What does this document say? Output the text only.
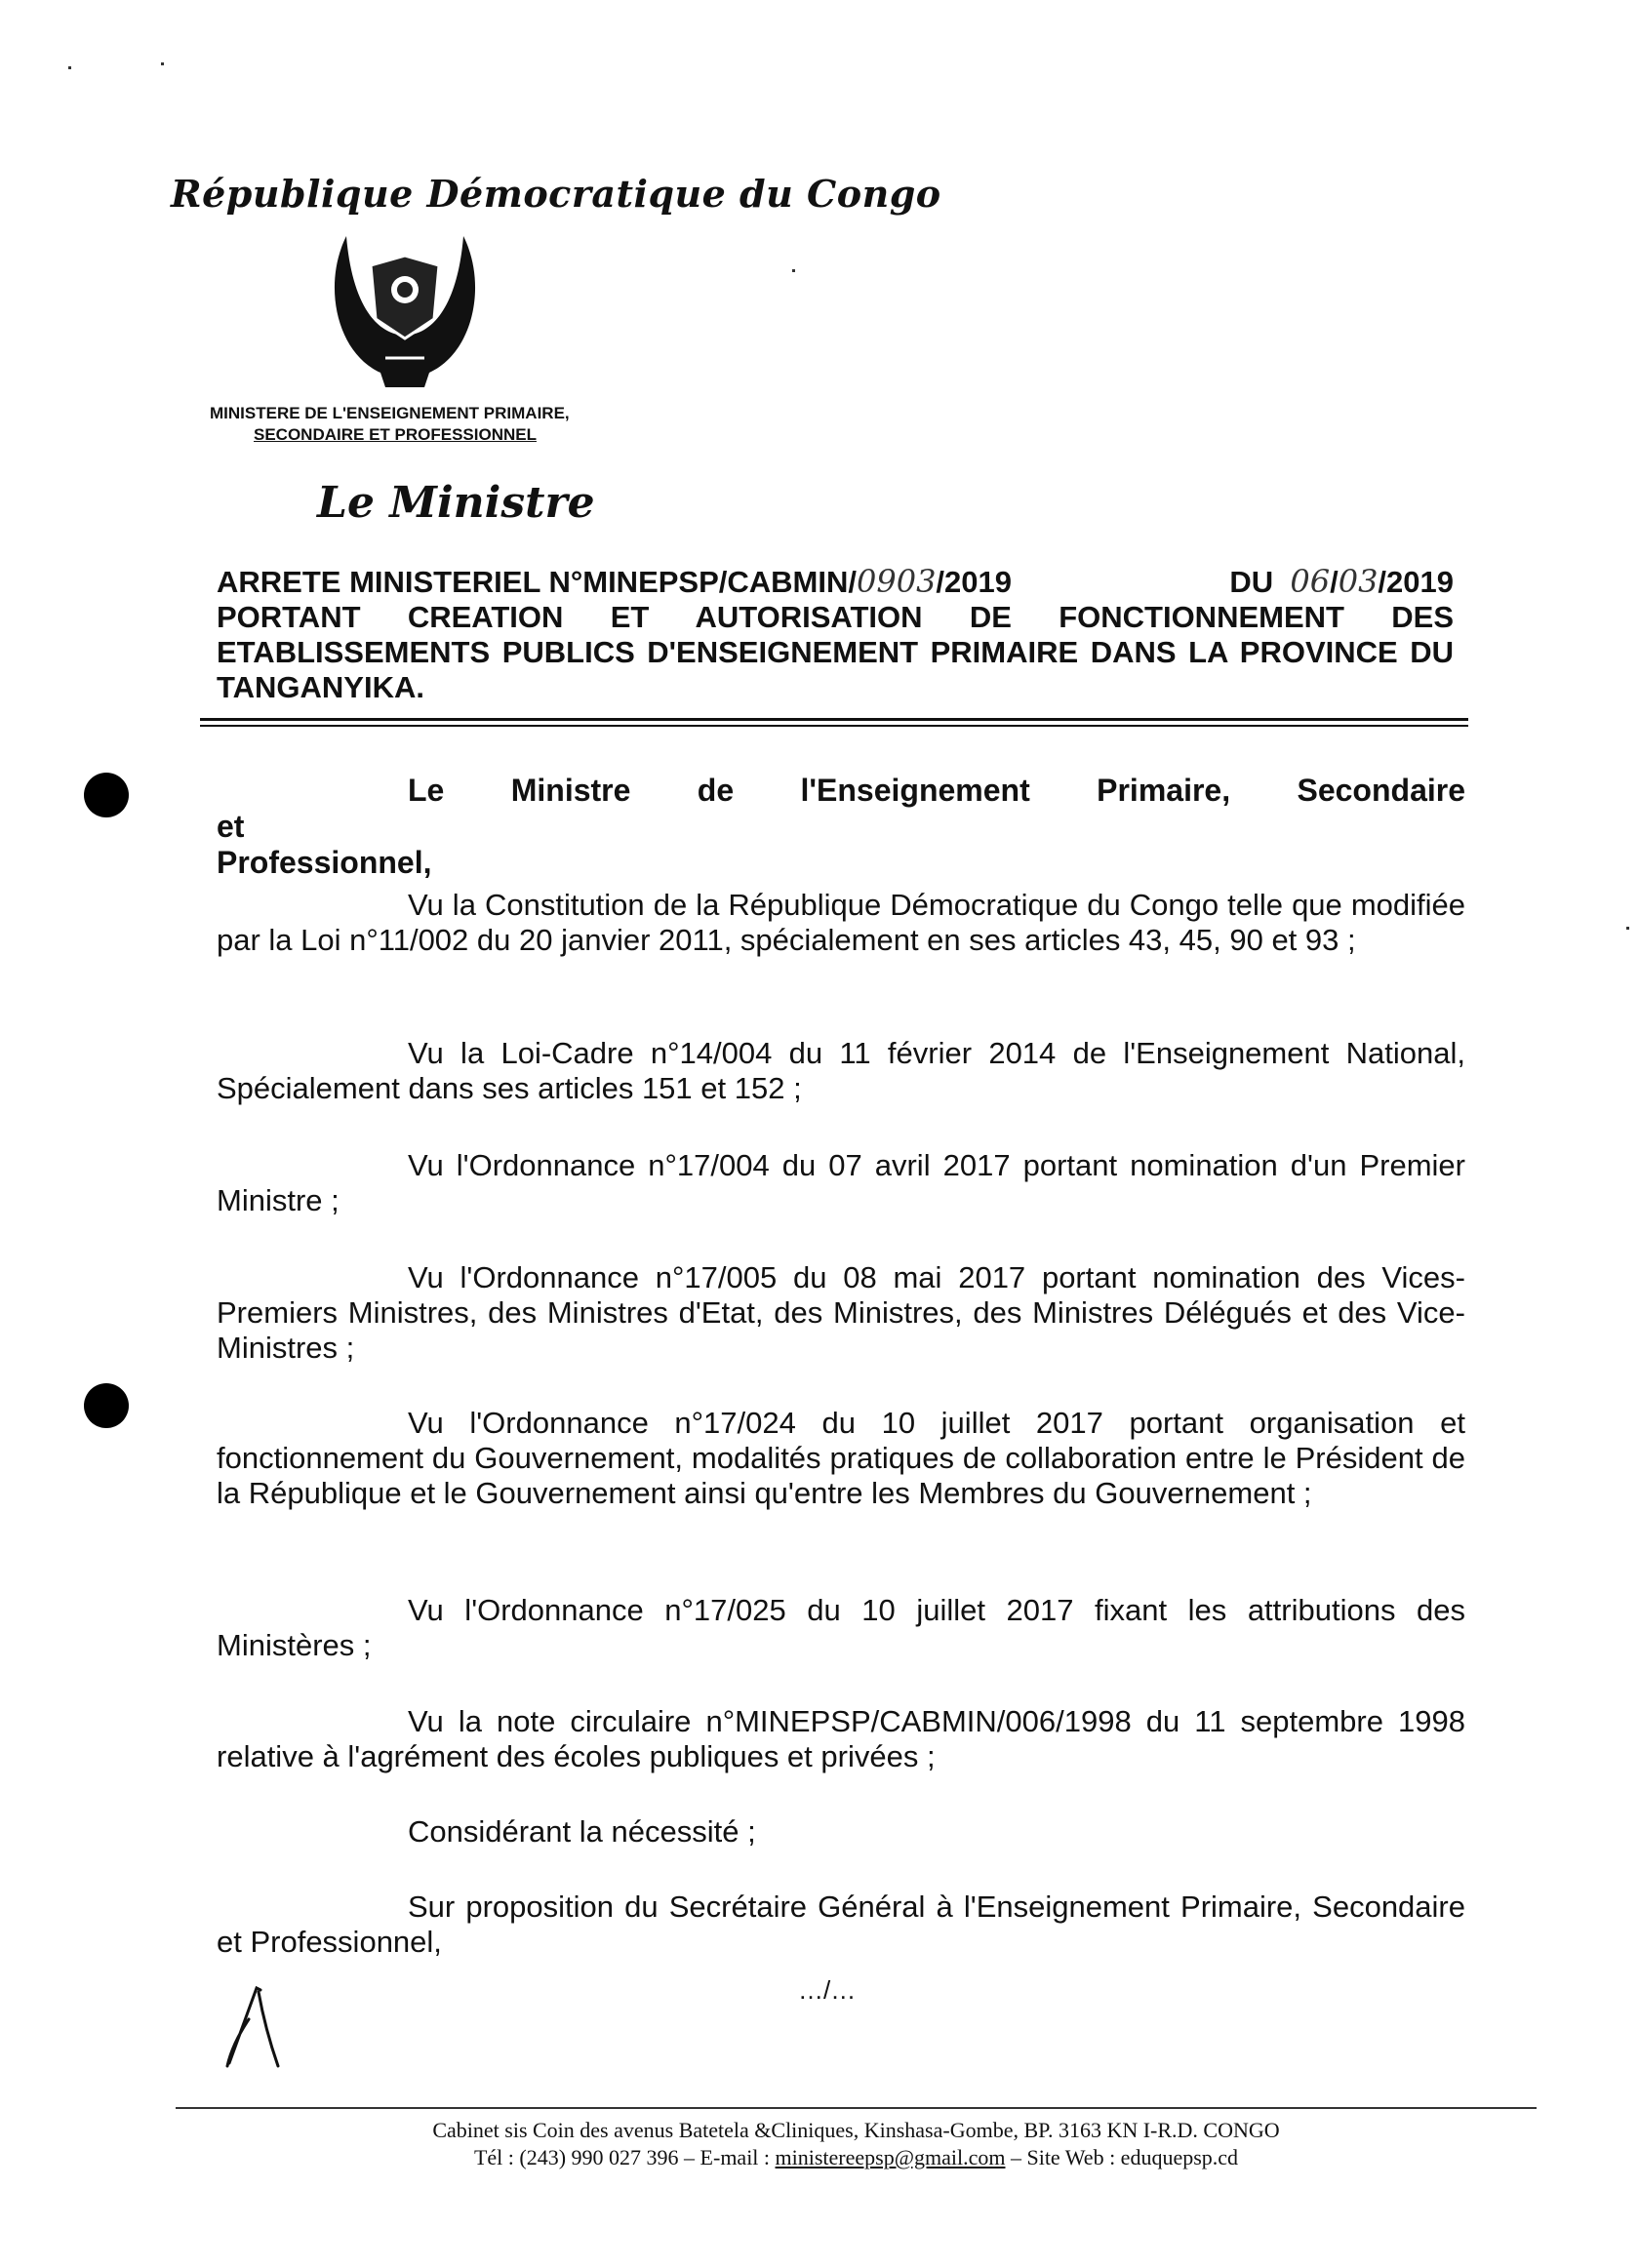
République Démocratique du Congo
MINISTERE DE L'ENSEIGNEMENT PRIMAIRE,
SECONDAIRE ET PROFESSIONNEL
Le Ministre
ARRETE MINISTERIEL N°MINEPSP/CABMIN/0903/2019	DU 06/03/2019
PORTANT CREATION ET AUTORISATION DE FONCTIONNEMENT DES ETABLISSEMENTS PUBLICS D'ENSEIGNEMENT PRIMAIRE DANS LA PROVINCE DU TANGANYIKA.
Le Ministre de l'Enseignement Primaire, Secondaire et
Professionnel,
Vu la Constitution de la République Démocratique du Congo telle que modifiée par la Loi n°11/002 du 20 janvier 2011, spécialement en ses articles 43, 45, 90 et 93 ;
Vu la Loi-Cadre n°14/004 du 11 février 2014 de l'Enseignement National, Spécialement dans ses articles 151 et 152 ;
Vu l'Ordonnance n°17/004 du 07 avril 2017 portant nomination d'un Premier Ministre ;
Vu l'Ordonnance n°17/005 du 08 mai 2017 portant nomination des Vices-Premiers Ministres, des Ministres d'Etat, des Ministres, des Ministres Délégués et des Vice-Ministres ;
Vu l'Ordonnance n°17/024 du 10 juillet 2017 portant organisation et fonctionnement du Gouvernement, modalités pratiques de collaboration entre le Président de la République et le Gouvernement ainsi qu'entre les Membres du Gouvernement ;
Vu l'Ordonnance n°17/025 du 10 juillet 2017 fixant les attributions des Ministères ;
Vu la note circulaire n°MINEPSP/CABMIN/006/1998 du 11 septembre 1998 relative à l'agrément des écoles publiques et privées ;
Considérant la nécessité ;
Sur proposition du Secrétaire Général à l'Enseignement Primaire, Secondaire et Professionnel,
…/…
Cabinet sis Coin des avenus Batetela &Cliniques, Kinshasa-Gombe, BP. 3163 KN I-R.D. CONGO
Tél : (243) 990 027 396 – E-mail : ministereepsp@gmail.com – Site Web : eduquepsp.cd
